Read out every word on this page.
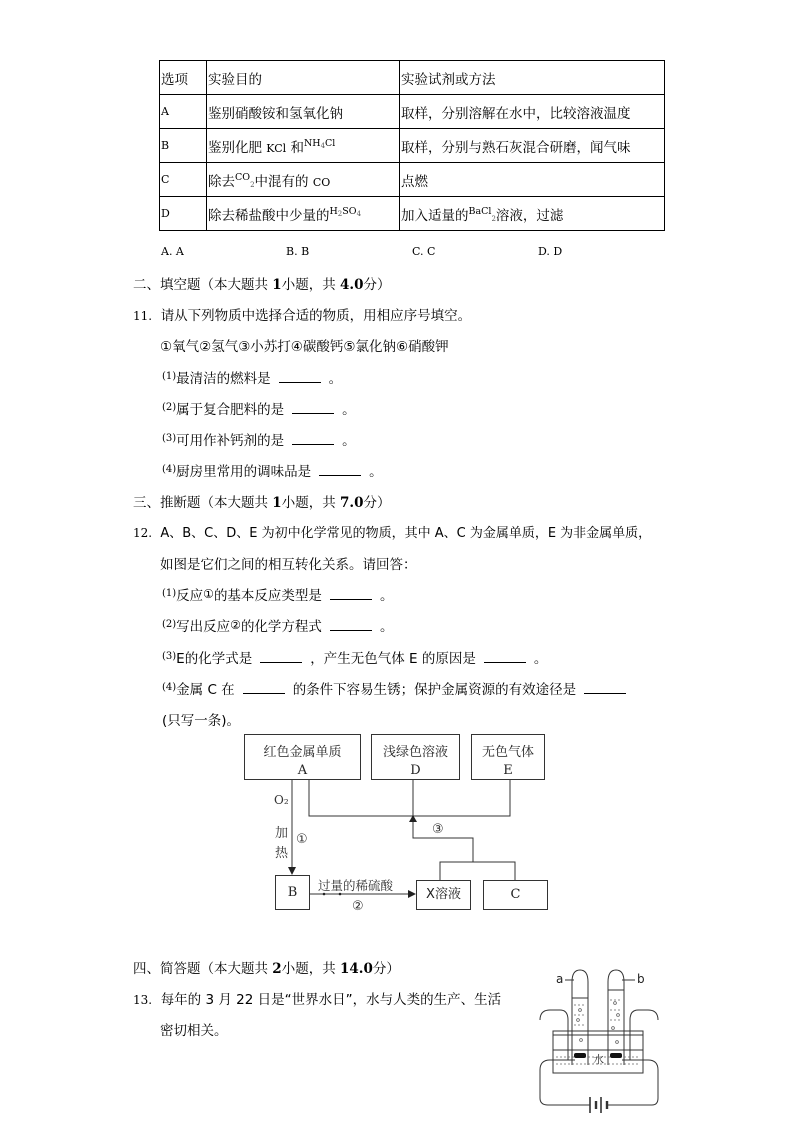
选项	实验目的	实验试剂或方法
A	鉴别硝酸铵和氢氧化钠	取样，分别溶解在水中，比较溶液温度
B	鉴别化肥 KCl 和$^{NH_4Cl}$	取样，分别与熟石灰混合研磨，闻气味
C	除去$^{CO}_2$中混有的 CO	点燃
D	除去稀盐酸中少量的$^{H_2SO_4}$	加入适量的$^{BaCl}_2$溶液，过滤
A. A	B. B	C. C	D. D
二、填空题（本大题共 1小题，共 4.0分）
11. 请从下列物质中选择合适的物质，用相应序号填空。
①氧气②氢气③小苏打④碳酸钙⑤氯化钠⑥硝酸钾
$^{(1)}$最清洁的燃料是	。
$^{(2)}$属于复合肥料的是	。
$^{(3)}$可用作补钙剂的是	。
$^{(4)}$厨房里常用的调味品是	。
三、推断题（本大题共 1小题，共 7.0分）
12. A、B、C、D、E 为初中化学常见的物质，其中 A、C 为金属单质，E 为非金属单质，
如图是它们之间的相互转化关系。请回答：
$^{(1)}$反应①的基本反应类型是	。
$^{(2)}$写出反应②的化学方程式	。
$^{(3)}$E的化学式是	，产生无色气体 E 的原因是	。
$^{(4)}$金属 C 在	的条件下容易生锈；保护金属资源的有效途径是
(只写一条)。
红色金属单质
A
浅绿色溶液
D
无色气体
E
B	X溶液	C
O₂
加
热
①
③
过量的稀硫酸
②
四、简答题（本大题共 2小题，共 14.0分）
13. 每年的 3 月 22 日是“世界水日”，水与人类的生产、生活
密切相关。
a	b
水
